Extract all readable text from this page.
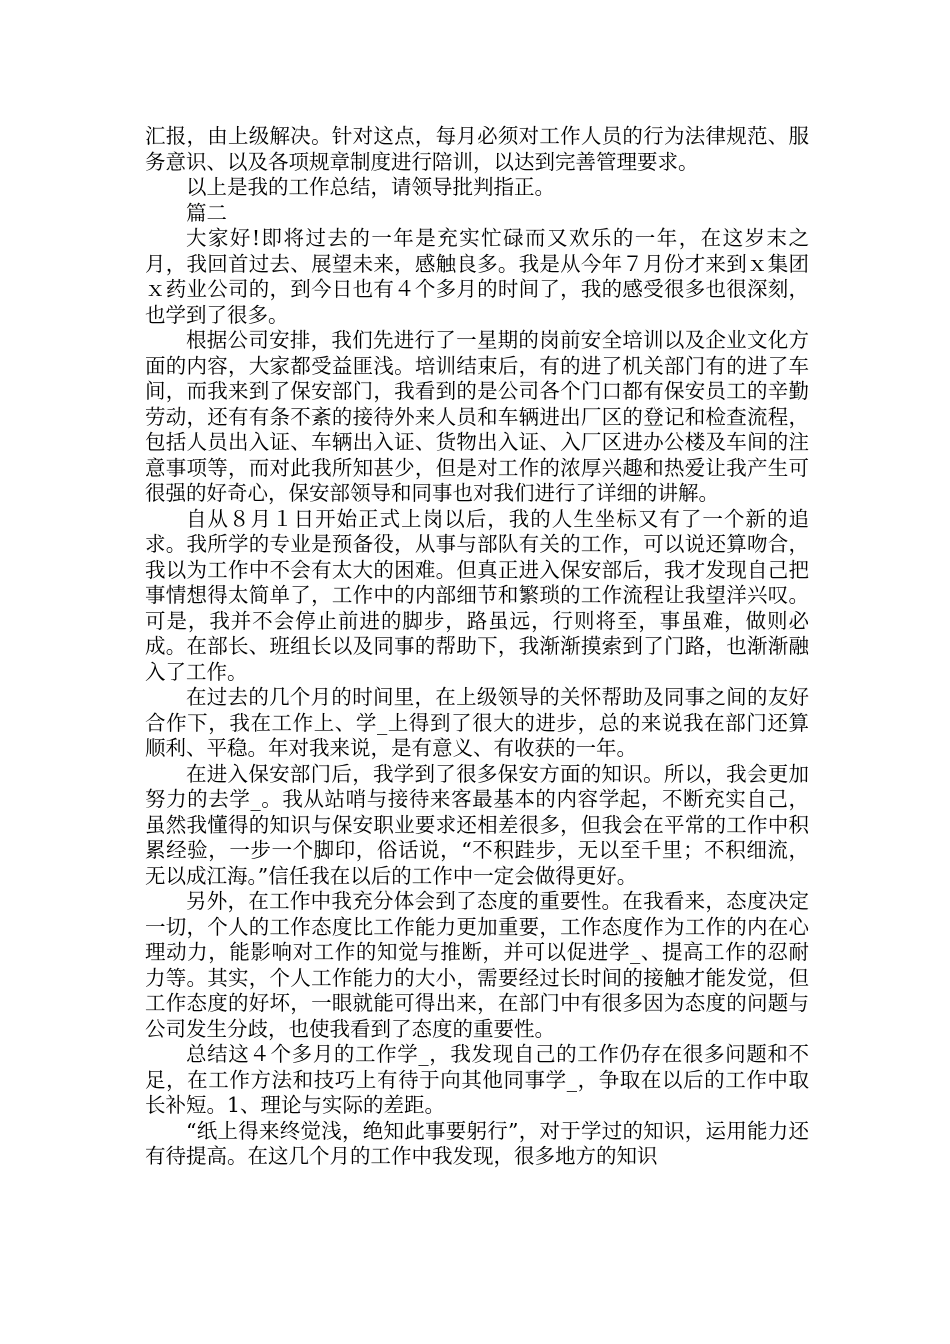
汇报，由上级解决。针对这点，每月必须对工作人员的行为法律规范、服务意识、以及各项规章制度进行陪训，以达到完善管理要求。

以上是我的工作总结，请领导批判指正。

篇二

大家好!即将过去的一年是充实忙碌而又欢乐的一年，在这岁末之月，我回首过去、展望未来，感触良多。我是从今年７月份才来到ｘ集团ｘ药业公司的，到今日也有４个多月的时间了，我的感受很多也很深刻，也学到了很多。

根据公司安排，我们先进行了一星期的岗前安全培训以及企业文化方面的内容，大家都受益匪浅。培训结束后，有的进了机关部门有的进了车间，而我来到了保安部门，我看到的是公司各个门口都有保安员工的辛勤劳动，还有有条不紊的接待外来人员和车辆进出厂区的登记和检查流程，包括人员出入证、车辆出入证、货物出入证、入厂区进办公楼及车间的注意事项等，而对此我所知甚少，但是对工作的浓厚兴趣和热爱让我产生可很强的好奇心，保安部领导和同事也对我们进行了详细的讲解。

自从８月１日开始正式上岗以后，我的人生坐标又有了一个新的追求。我所学的专业是预备役，从事与部队有关的工作，可以说还算吻合，我以为工作中不会有太大的困难。但真正进入保安部后，我才发现自己把事情想得太简单了，工作中的内部细节和繁琐的工作流程让我望洋兴叹。可是，我并不会停止前进的脚步，路虽远，行则将至，事虽难，做则必成。在部长、班组长以及同事的帮助下，我渐渐摸索到了门路，也渐渐融入了工作。

在过去的几个月的时间里，在上级领导的关怀帮助及同事之间的友好合作下，我在工作上、学_上得到了很大的进步，总的来说我在部门还算顺利、平稳。年对我来说，是有意义、有收获的一年。

在进入保安部门后，我学到了很多保安方面的知识。所以，我会更加努力的去学_。我从站哨与接待来客最基本的内容学起，不断充实自己，虽然我懂得的知识与保安职业要求还相差很多，但我会在平常的工作中积累经验，一步一个脚印，俗话说，“不积跬步，无以至千里；不积细流，无以成江海。”信任我在以后的工作中一定会做得更好。

另外，在工作中我充分体会到了态度的重要性。在我看来，态度决定一切，个人的工作态度比工作能力更加重要，工作态度作为工作的内在心理动力，能影响对工作的知觉与推断，并可以促进学_、提高工作的忍耐力等。其实，个人工作能力的大小，需要经过长时间的接触才能发觉，但工作态度的好坏，一眼就能可得出来，在部门中有很多因为态度的问题与公司发生分歧，也使我看到了态度的重要性。

总结这４个多月的工作学_，我发现自己的工作仍存在很多问题和不足，在工作方法和技巧上有待于向其他同事学_，争取在以后的工作中取长补短。1、理论与实际的差距。

“纸上得来终觉浅，绝知此事要躬行”，对于学过的知识，运用能力还有待提高。在这几个月的工作中我发现，很多地方的知识
